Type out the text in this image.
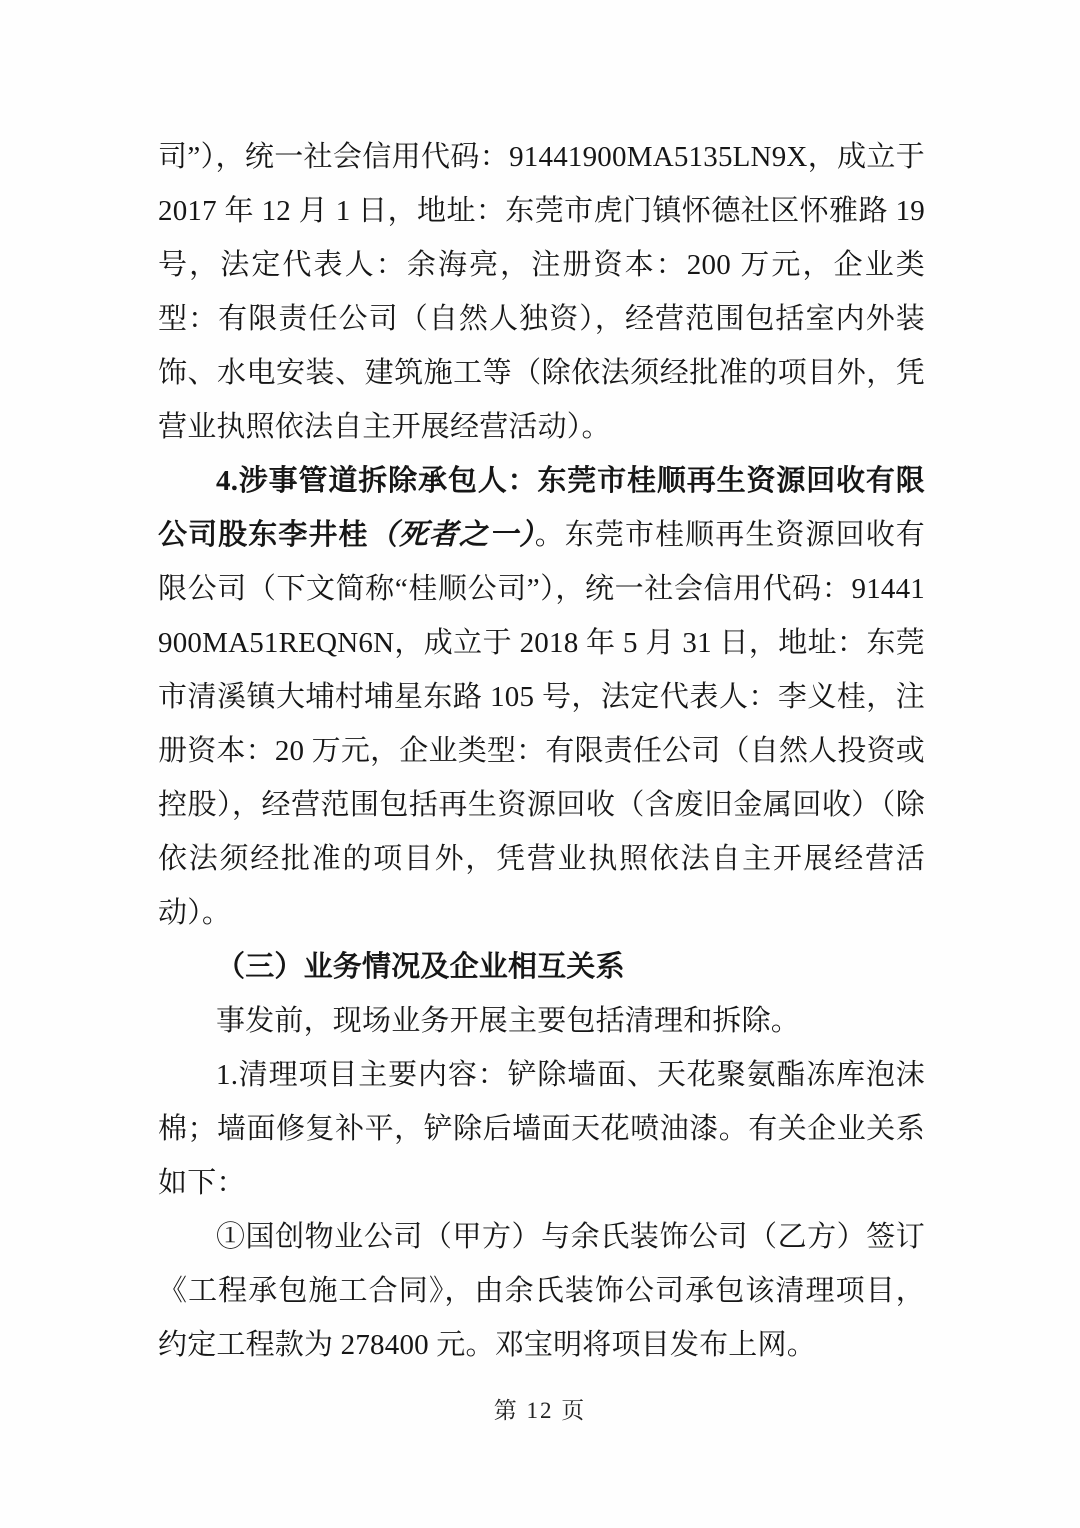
司”），统一社会信用代码：91441900MA5135LN9X，成立于 2017 年 12 月 1 日，地址：东莞市虎门镇怀德社区怀雅路 19 号，法定代表人：余海亮，注册资本：200 万元，企业类型：有限责任公司（自然人独资），经营范围包括室内外装饰、水电安装、建筑施工等（除依法须经批准的项目外，凭营业执照依法自主开展经营活动）。

4.涉事管道拆除承包人：东莞市桂顺再生资源回收有限公司股东李井桂（死者之一）。东莞市桂顺再生资源回收有限公司（下文简称“桂顺公司”），统一社会信用代码：91441900MA51REQN6N，成立于 2018 年 5 月 31 日，地址：东莞市清溪镇大埔村埔星东路 105 号，法定代表人：李义桂，注册资本：20 万元，企业类型：有限责任公司（自然人投资或控股），经营范围包括再生资源回收（含废旧金属回收）（除依法须经批准的项目外，凭营业执照依法自主开展经营活动）。

（三）业务情况及企业相互关系

事发前，现场业务开展主要包括清理和拆除。

1.清理项目主要内容：铲除墙面、天花聚氨酯冻库泡沫棉；墙面修复补平，铲除后墙面天花喷油漆。有关企业关系如下：

①国创物业公司（甲方）与余氏装饰公司（乙方）签订《工程承包施工合同》，由余氏装饰公司承包该清理项目，约定工程款为 278400 元。邓宝明将项目发布上网。

第 12 页
